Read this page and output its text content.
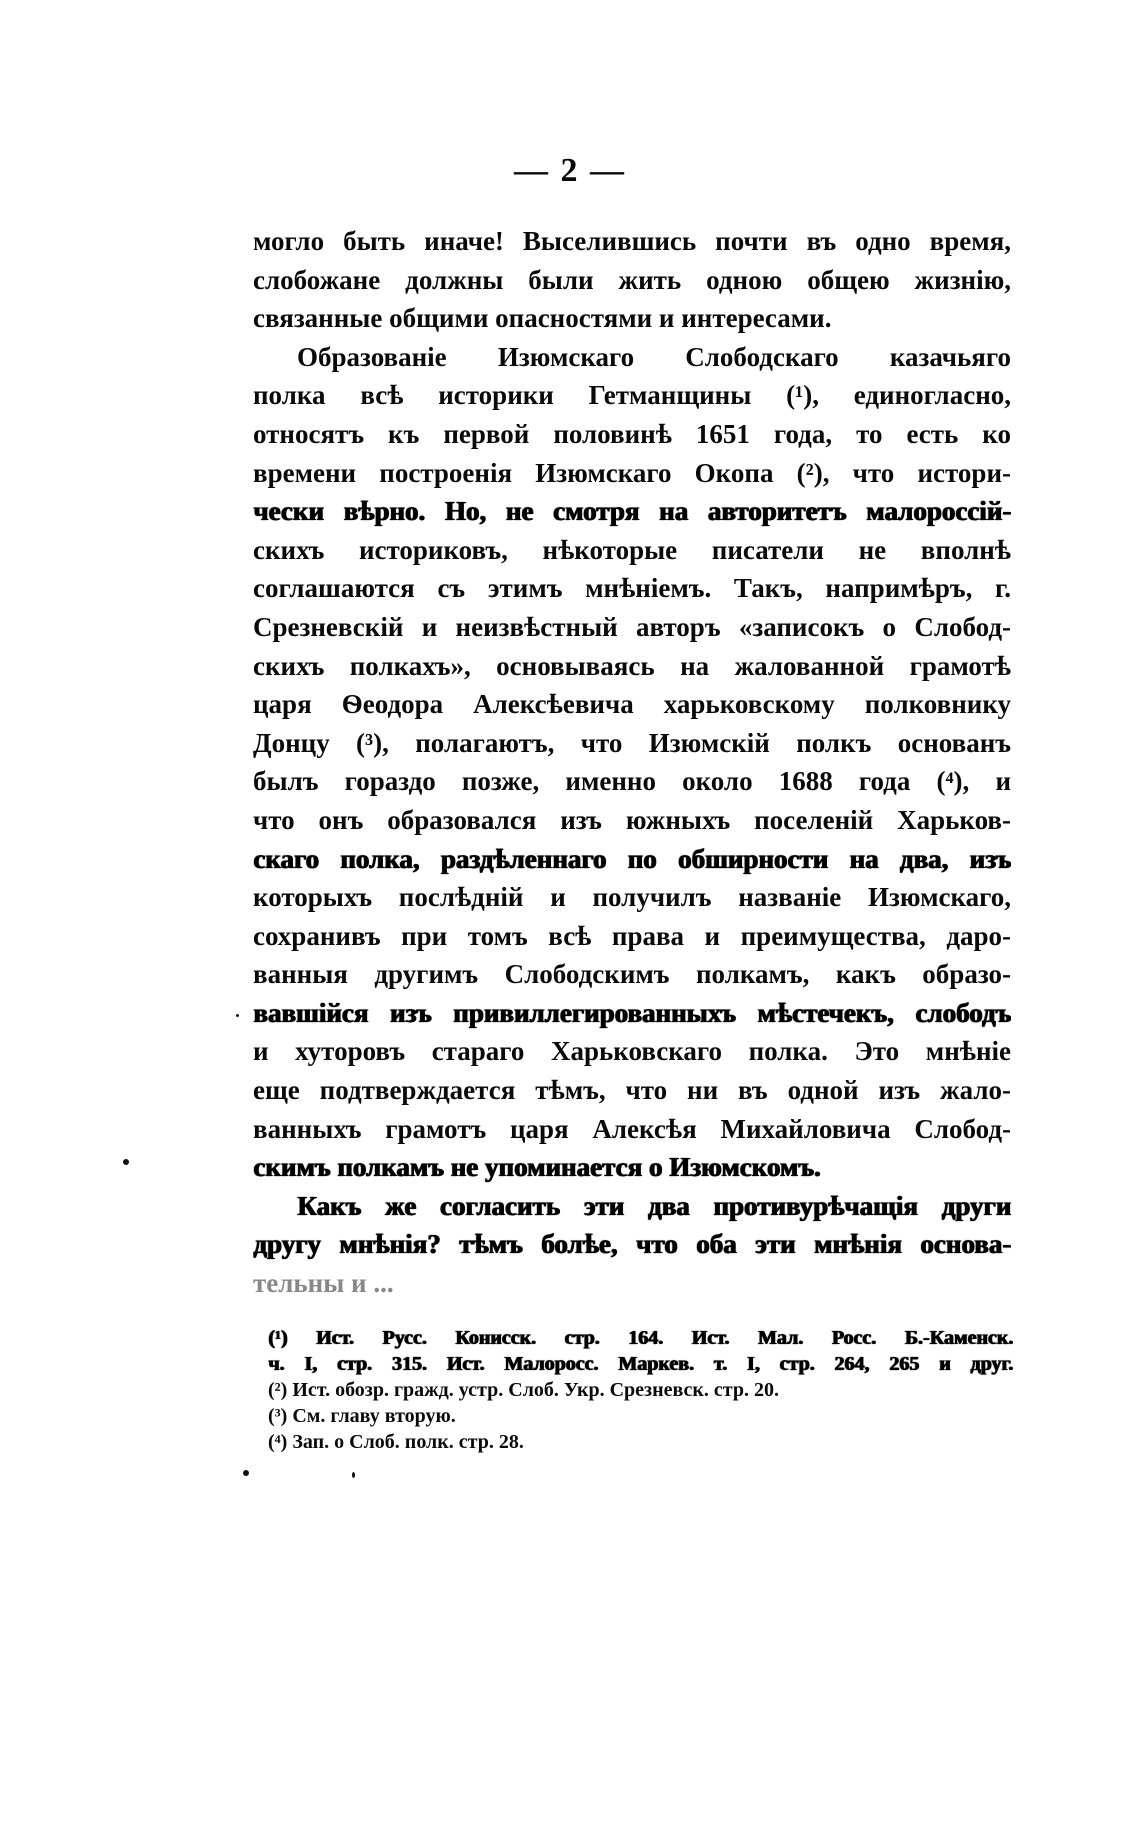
— 2 —
могло быть иначе! Выселившись почти въ одно время,
слобожане должны были жить одною общею жизнію,
связанные общими опасностями и интересами.
Образованіе Изюмскаго Слободскаго казачьяго
полка всѣ историки Гетманщины (¹), единогласно,
относятъ къ первой половинѣ 1651 года, то есть ко
времени построенія Изюмскаго Окопа (²), что истори-
чески вѣрно. Но, не смотря на авторитетъ малороссій-
скихъ историковъ, нѣкоторые писатели не вполнѣ
соглашаются съ этимъ мнѣніемъ. Такъ, напримѣръ, г.
Срезневскій и неизвѣстный авторъ «записокъ о Слобод-
скихъ полкахъ», основываясь на жалованной грамотѣ
царя Ѳеодора Алексѣевича харьковскому полковнику
Донцу (³), полагаютъ, что Изюмскій полкъ основанъ
былъ гораздо позже, именно около 1688 года (⁴), и
что онъ образовался изъ южныхъ поселеній Харьков-
скаго полка, раздѣленнаго по обширности на два, изъ
которыхъ послѣдній и получилъ названіе Изюмскаго,
сохранивъ при томъ всѣ права и преимущества, даро-
ванныя другимъ Слободскимъ полкамъ, какъ образо-
вавшійся изъ привиллегированныхъ мѣстечекъ, слободъ
и хуторовъ стараго Харьковскаго полка. Это мнѣніе
еще подтверждается тѣмъ, что ни въ одной изъ жало-
ванныхъ грамотъ царя Алексѣя Михайловича Слобод-
скимъ полкамъ не упоминается о Изюмскомъ.
Какъ же согласить эти два противурѣчащія други
другу мнѣнія? тѣмъ болѣе, что оба эти мнѣнія основа-
тельны и ...
(¹) Ист. Русс. Конисск. стр. 164. Ист. Мал. Росс. Б.-Каменск.
ч. I, стр. 315. Ист. Малоросс. Маркев. т. I, стр. 264, 265 и друг.
(²) Ист. обозр. гражд. устр. Слоб. Укр. Срезневск. стр. 20.
(³) См. главу вторую.
(⁴) Зап. о Слоб. полк. стр. 28.
